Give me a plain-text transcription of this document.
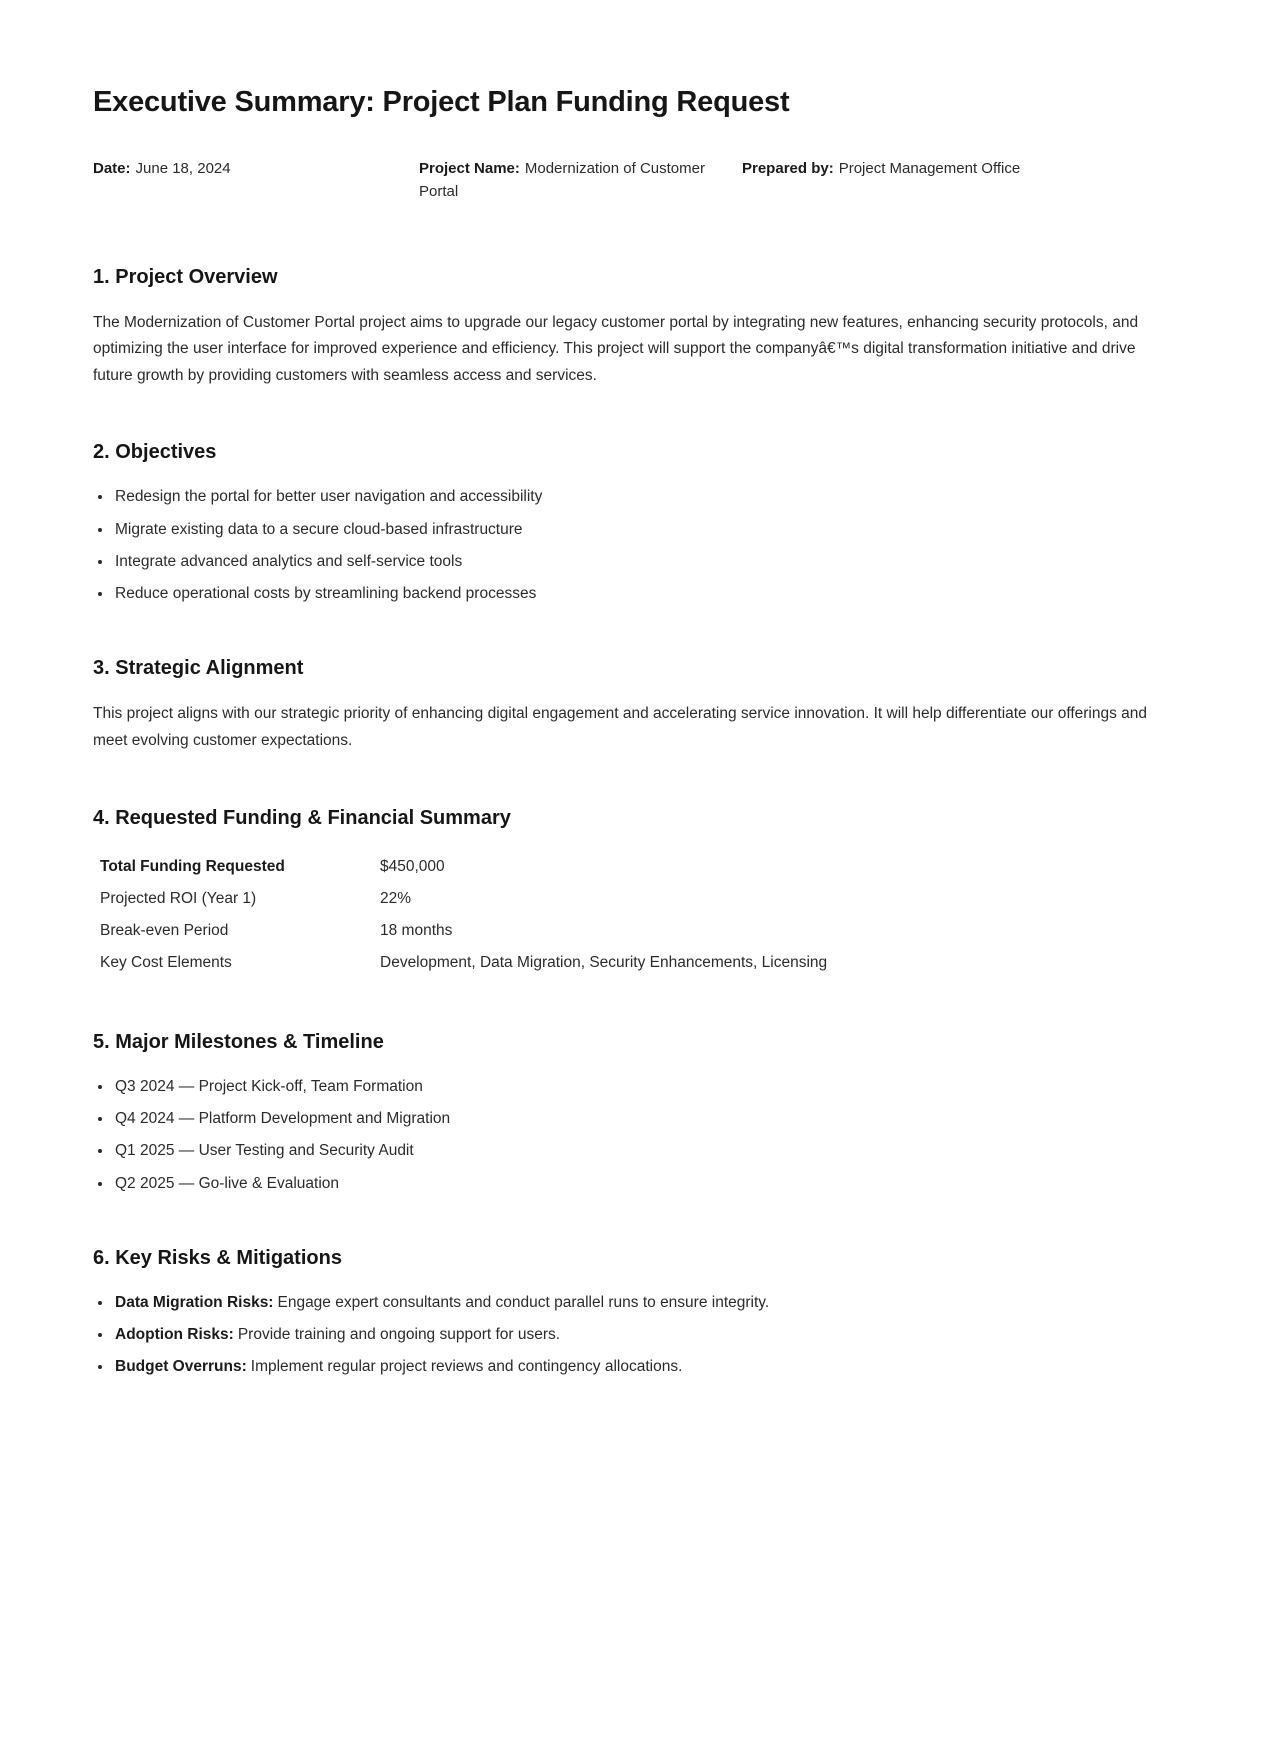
Executive Summary: Project Plan Funding Request
Date: June 18, 2024	Project Name: Modernization of Customer Portal
Prepared by: Project Management Office
1. Project Overview

The Modernization of Customer Portal project aims to upgrade our legacy customer portal by integrating new features, enhancing security protocols, and optimizing the user interface for improved experience and efficiency. This project will support the companyâ€™s digital transformation initiative and drive future growth by providing customers with seamless access and services.

2. Objectives
• Redesign the portal for better user navigation and accessibility
• Migrate existing data to a secure cloud-based infrastructure
• Integrate advanced analytics and self-service tools
• Reduce operational costs by streamlining backend processes
3. Strategic Alignment

This project aligns with our strategic priority of enhancing digital engagement and accelerating service innovation. It will help differentiate our offerings and meet evolving customer expectations.

4. Requested Funding & Financial Summary
Total Funding Requested	$450,000
Projected ROI (Year 1)	22%
Break-even Period	18 months
Key Cost Elements	Development, Data Migration, Security Enhancements, Licensing
5. Major Milestones & Timeline
• Q3 2024 — Project Kick-off, Team Formation
• Q4 2024 — Platform Development and Migration
• Q1 2025 — User Testing and Security Audit
• Q2 2025 — Go-live & Evaluation
6. Key Risks & Mitigations
• Data Migration Risks: Engage expert consultants and conduct parallel runs to ensure integrity.
• Adoption Risks: Provide training and ongoing support for users.
• Budget Overruns: Implement regular project reviews and contingency allocations.
